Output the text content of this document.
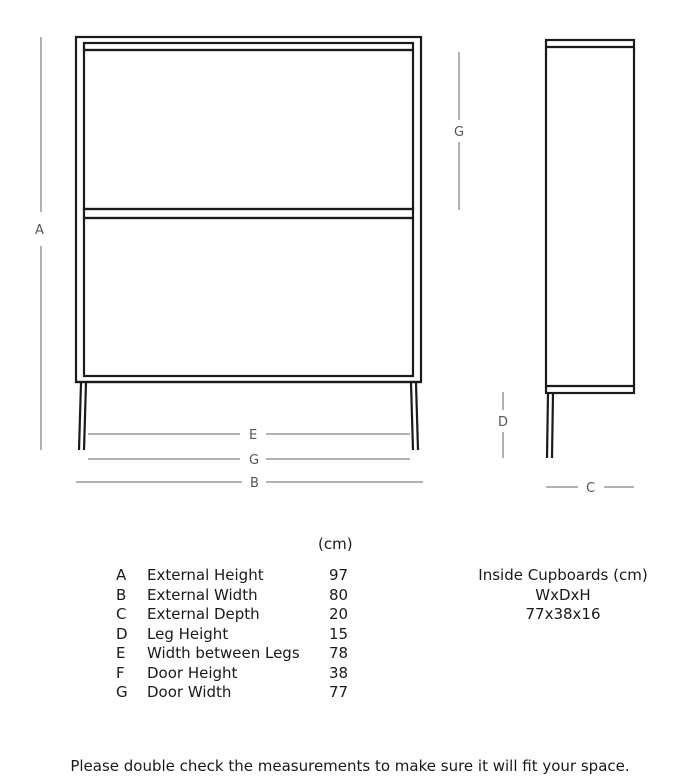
A
G
D
E
G
B	C
(cm)
A	External Height	97
B	External Width	80
C	External Depth	20
D	Leg Height	15
E	Width between Legs	78
F	Door Height	38
G	Door Width	77
Inside Cupboards (cm)
WxDxH
77x38x16
Please double check the measurements to make sure it will fit your space.
